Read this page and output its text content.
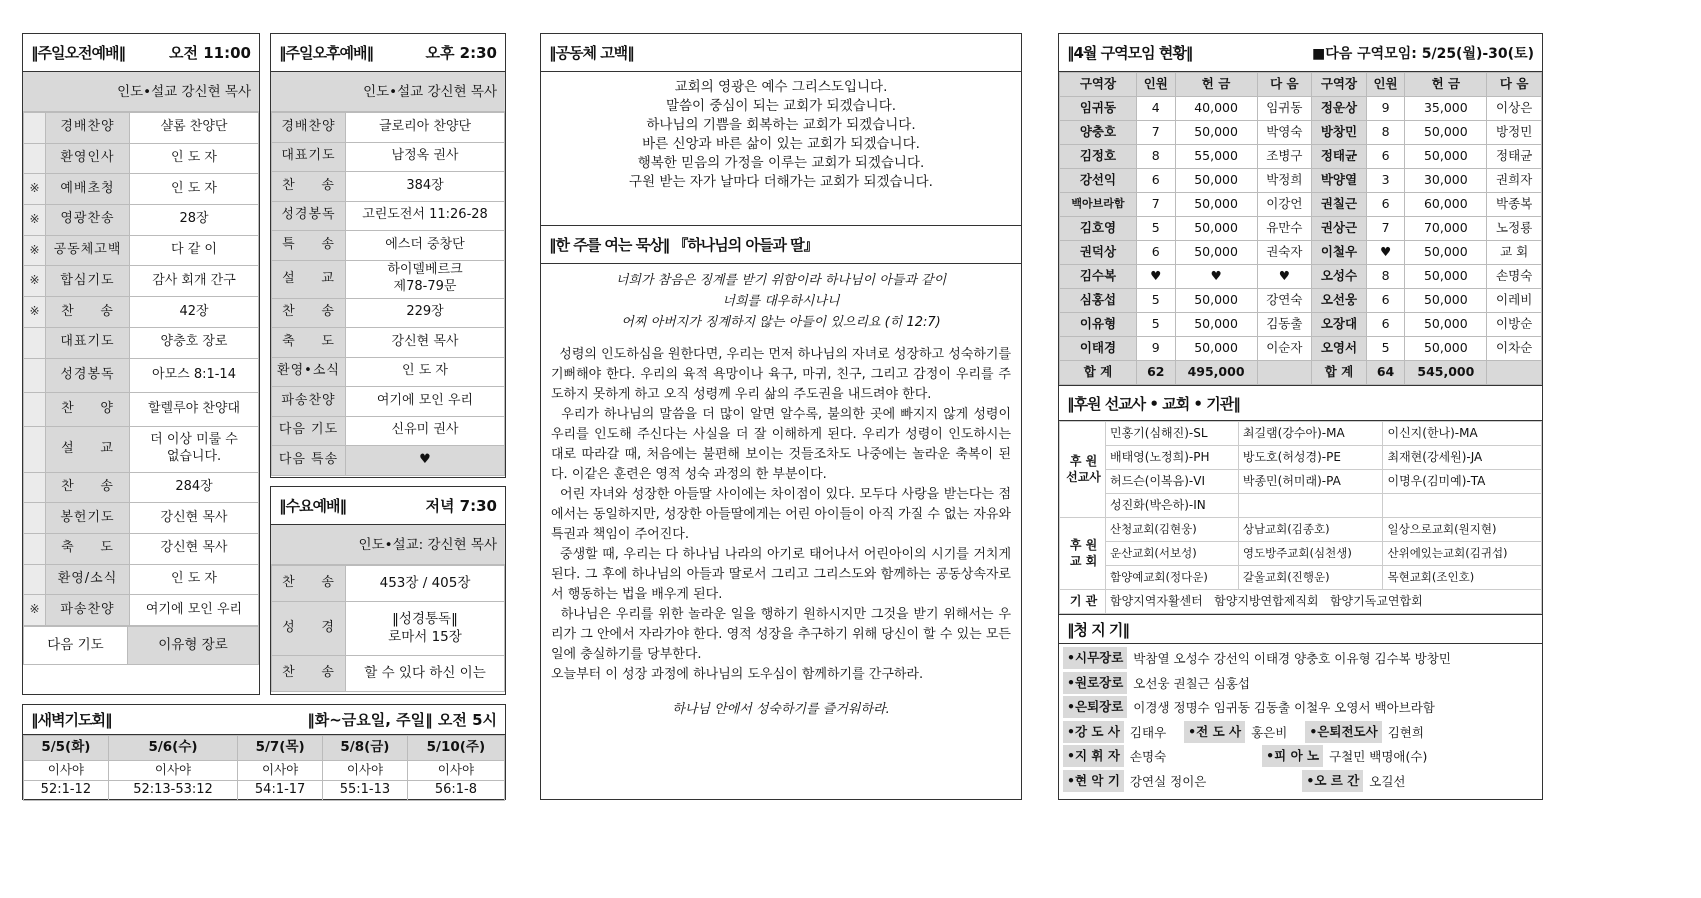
‖주일오전예배‖	오전 11:00
인도•설교 강신현 목사
	경배찬양	샬롬 찬양단
	환영인사	인 도 자
※	예배초청	인 도 자
※	영광찬송	28장
※	공동체고백	다 같 이
※	합심기도	감사 회개 간구
※	찬     송	42장
	대표기도	양충호 장로
	성경봉독	아모스 8:1-14
	찬     양	할렐루야 찬양대
	설     교	더 이상 미룰 수
없습니다.
	찬     송	284장
	봉헌기도	강신현 목사
	축     도	강신현 목사
	환영/소식	인 도 자
※	파송찬양	여기에 모인 우리
다음 기도	이유형 장로
‖주일오후예배‖	오후 2:30
인도•설교 강신현 목사
경배찬양	글로리아 찬양단
대표기도	남정옥 권사
찬     송	384장
성경봉독	고린도전서 11:26-28
특     송	에스더 중창단
설     교	하이델베르크
제78-79문
찬     송	229장
축     도	강신현 목사
환영•소식	인 도 자
파송찬양	여기에 모인 우리
다음 기도	신유미 권사
다음 특송	♥
‖수요예배‖	저녁 7:30
인도•설교: 강신현 목사
찬     송	453장 / 405장
성     경	‖성경통독‖
로마서 15장
찬     송	할 수 있다 하신 이는
‖새벽기도회‖	‖화~금요일, 주일‖ 오전 5시
5/5(화)	5/6(수)	5/7(목)	5/8(금)	5/10(주)
이사야	이사야	이사야	이사야	이사야
52:1-12	52:13-53:12	54:1-17	55:1-13	56:1-8
‖공동체 고백‖
교회의 영광은 예수 그리스도입니다.
말씀이 중심이 되는 교회가 되겠습니다.
하나님의 기쁨을 회복하는 교회가 되겠습니다.
바른 신앙과 바른 삶이 있는 교회가 되겠습니다.
행복한 믿음의 가정을 이루는 교회가 되겠습니다.
구원 받는 자가 날마다 더해가는 교회가 되겠습니다.
‖한 주를 여는 묵상‖ 『하나님의 아들과 딸』
너희가 참음은 징계를 받기 위함이라 하나님이 아들과 같이
너희를 대우하시나니
어찌 아버지가 징계하지 않는 아들이 있으리요 (히 12:7)

성령의 인도하심을 원한다면, 우리는 먼저 하나님의 자녀로 성장하고 성숙하기를 기뻐해야 한다. 우리의 육적 욕망이나 육구, 마귀, 친구, 그리고 감정이 우리를 주도하지 못하게 하고 오직 성령께 우리 삶의 주도권을 내드려야 한다.

우리가 하나님의 말씀을 더 많이 알면 알수록, 불의한 곳에 빠지지 않게 성령이 우리를 인도해 주신다는 사실을 더 잘 이해하게 된다. 우리가 성령이 인도하시는 대로 따라갈 때, 처음에는 불편해 보이는 것들조차도 나중에는 놀라운 축복이 된다. 이같은 훈련은 영적 성숙 과정의 한 부분이다.

어린 자녀와 성장한 아들딸 사이에는 차이점이 있다. 모두다 사랑을 받는다는 점에서는 동일하지만, 성장한 아들딸에게는 어린 아이들이 아직 가질 수 없는 자유와 특권과 책임이 주어진다.

중생할 때, 우리는 다 하나님 나라의 아기로 태어나서 어린아이의 시기를 거치게 된다. 그 후에 하나님의 아들과 딸로서 그리고 그리스도와 함께하는 공동상속자로서 행동하는 법을 배우게 된다.

하나님은 우리를 위한 놀라운 일을 행하기 원하시지만 그것을 받기 위해서는 우리가 그 안에서 자라가야 한다. 영적 성장을 추구하기 위해 당신이 할 수 있는 모든 일에 충실하기를 당부한다.

오늘부터 이 성장 과정에 하나님의 도우심이 함께하기를 간구하라.

하나님 안에서 성숙하기를 즐거워하라.
‖4월 구역모임 현황‖	■다음 구역모임: 5/25(월)-30(토)
구역장	인원	헌 금	다 음	구역장	인원	헌 금	다 음
임귀동	4	40,000	임귀동	정운상	9	35,000	이상은
양충호	7	50,000	박영숙	방창민	8	50,000	방정민
김정호	8	55,000	조병구	정태균	6	50,000	정태균
강선익	6	50,000	박정희	박양열	3	30,000	권희자
백아브라함	7	50,000	이강언	권칠근	6	60,000	박종복
김호영	5	50,000	유만수	권상근	7	70,000	노정룡
권덕상	6	50,000	권숙자	이철우	♥	50,000	교 회
김수복	♥	♥	♥	오성수	8	50,000	손명숙
심홍섭	5	50,000	강연숙	오선웅	6	50,000	이레비
이유형	5	50,000	김동출	오장대	6	50,000	이방순
이태경	9	50,000	이순자	오영서	5	50,000	이차순
합 계	62	495,000		합 계	64	545,000	
‖후원 선교사 • 교회 • 기관‖
후 원
선교사	민홍기(심해진)-SL	최길램(강수아)-MA	이신지(한나)-MA
	배태영(노정희)-PH	방도호(허성경)-PE	최재현(강세원)-JA
	허드슨(이복음)-VI	박종민(허미래)-PA	이명우(김미예)-TA
	성진화(박은하)-IN		
후 원
교 회	산청교회(김현웅)	상남교회(김종호)	일상으로교회(원지현)
	운산교회(서보성)	영도방주교회(심천생)	산위에있는교회(김귀섭)
	함양예교회(정다운)	갈울교회(진행운)	목현교회(조인호)
기 관	함양지역자활센터   함양지방연합제직회   함양기독교연합회		
‖청 지 기‖
•시무장로 박참열 오성수 강선익 이태경 양충호 이유형 김수복 방창민
•원로장로 오선웅 권칠근 심홍섭
•은퇴장로 이경생 정명수 임귀동 김동출 이철우 오영서 백아브라함
•강 도 사 김태우	•전 도 사 홍은비	•은퇴전도사 김현희
•지 휘 자 손명숙	•피 아 노 구철민 백명애(수)
•현 악 기 강연실 정이은	•오 르 간 오길선
